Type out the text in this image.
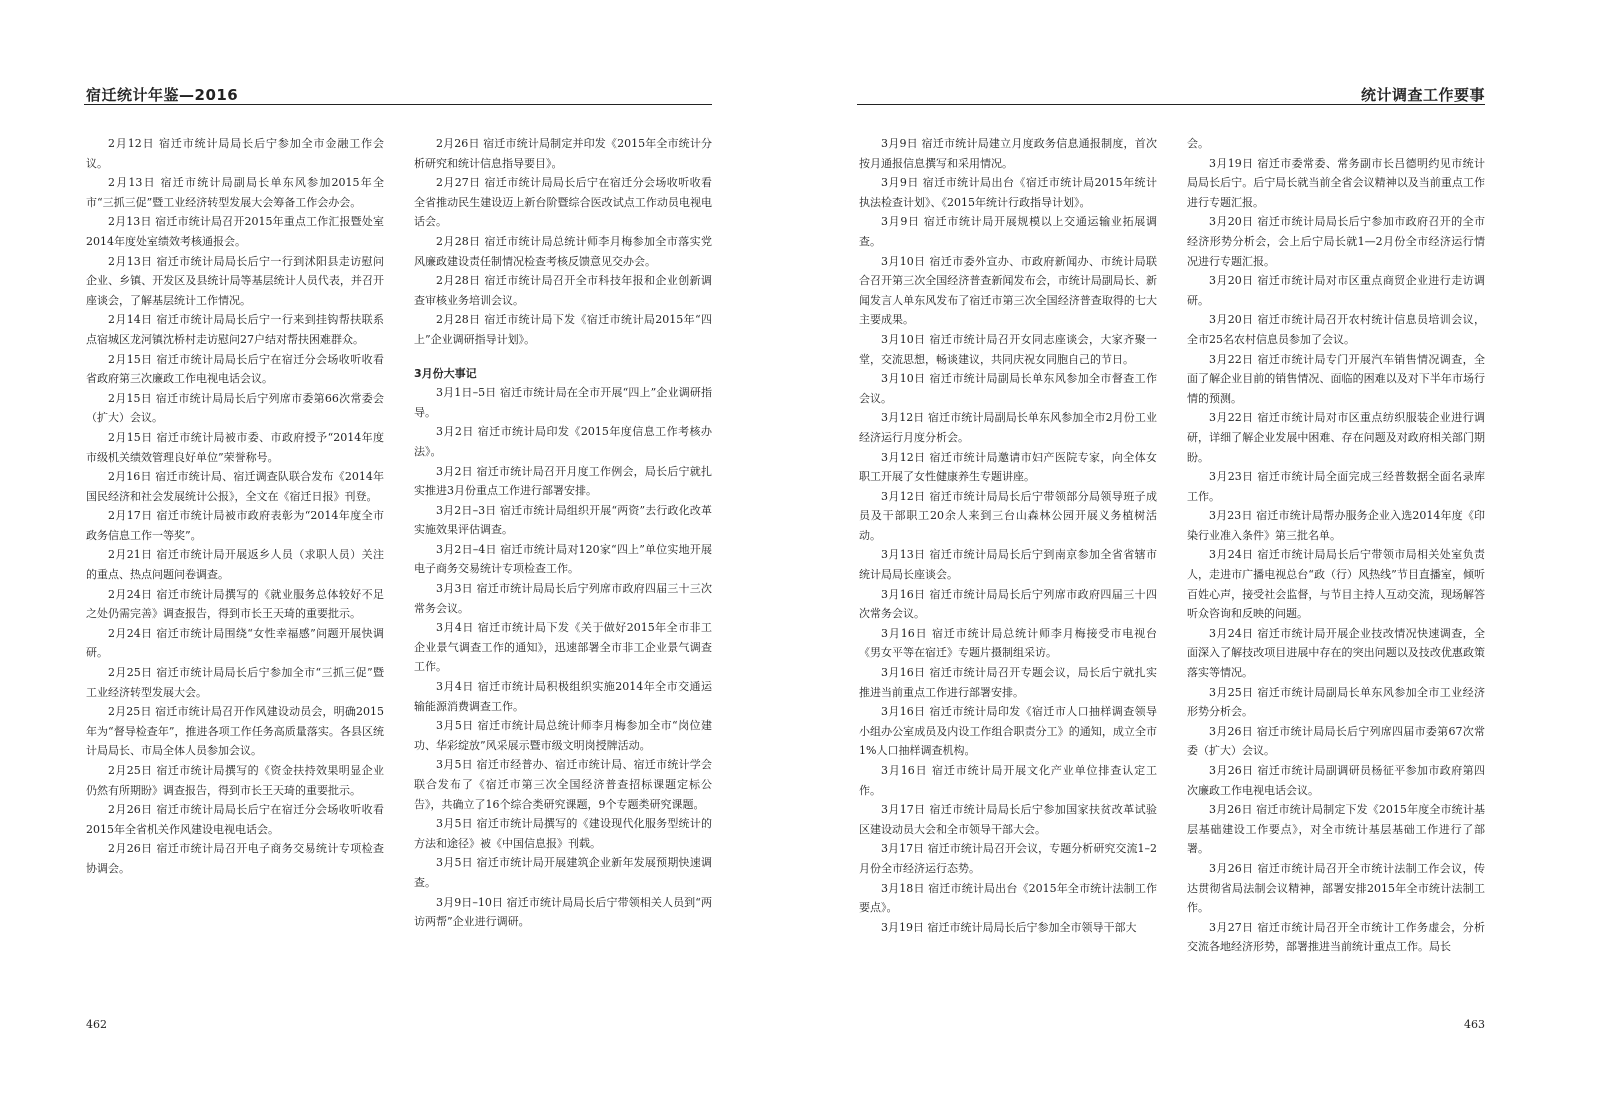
宿迁统计年鉴—2016

2月12日 宿迁市统计局局长后宁参加全市金融工作会议。

2月13日 宿迁市统计局副局长单东风参加2015年全市“三抓三促”暨工业经济转型发展大会筹备工作会办会。

2月13日 宿迁市统计局召开2015年重点工作汇报暨处室2014年度处室绩效考核通报会。

2月13日 宿迁市统计局局长后宁一行到沭阳县走访慰问企业、乡镇、开发区及县统计局等基层统计人员代表，并召开座谈会，了解基层统计工作情况。

2月14日 宿迁市统计局局长后宁一行来到挂钩帮扶联系点宿城区龙河镇沈桥村走访慰问27户结对帮扶困难群众。

2月15日 宿迁市统计局局长后宁在宿迁分会场收听收看省政府第三次廉政工作电视电话会议。

2月15日 宿迁市统计局局长后宁列席市委第66次常委会（扩大）会议。

2月15日 宿迁市统计局被市委、市政府授予“2014年度市级机关绩效管理良好单位”荣誉称号。

2月16日 宿迁市统计局、宿迁调查队联合发布《2014年国民经济和社会发展统计公报》，全文在《宿迁日报》刊登。

2月17日 宿迁市统计局被市政府表彰为“2014年度全市政务信息工作一等奖”。

2月21日 宿迁市统计局开展返乡人员（求职人员）关注的重点、热点问题问卷调查。

2月24日 宿迁市统计局撰写的《就业服务总体较好不足之处仍需完善》调查报告，得到市长王天琦的重要批示。

2月24日 宿迁市统计局围绕“女性幸福感”问题开展快调研。

2月25日 宿迁市统计局局长后宁参加全市“三抓三促”暨工业经济转型发展大会。

2月25日 宿迁市统计局召开作风建设动员会，明确2015年为“督导检查年”，推进各项工作任务高质量落实。各县区统计局局长、市局全体人员参加会议。

2月25日 宿迁市统计局撰写的《资金扶持效果明显企业仍然有所期盼》调查报告，得到市长王天琦的重要批示。

2月26日 宿迁市统计局局长后宁在宿迁分会场收听收看2015年全省机关作风建设电视电话会。

2月26日 宿迁市统计局召开电子商务交易统计专项检查协调会。

2月26日 宿迁市统计局制定并印发《2015年全市统计分析研究和统计信息指导要目》。

2月27日 宿迁市统计局局长后宁在宿迁分会场收听收看全省推动民生建设迈上新台阶暨综合医改试点工作动员电视电话会。

2月28日 宿迁市统计局总统计师李月梅参加全市落实党风廉政建设责任制情况检查考核反馈意见交办会。

2月28日 宿迁市统计局召开全市科技年报和企业创新调查审核业务培训会议。

2月28日 宿迁市统计局下发《宿迁市统计局2015年“四上”企业调研指导计划》。

3月份大事记

3月1日–5日 宿迁市统计局在全市开展“四上”企业调研指导。

3月2日 宿迁市统计局印发《2015年度信息工作考核办法》。

3月2日 宿迁市统计局召开月度工作例会，局长后宁就扎实推进3月份重点工作进行部署安排。

3月2日–3日 宿迁市统计局组织开展“两资”去行政化改革实施效果评估调查。

3月2日–4日 宿迁市统计局对120家“四上”单位实地开展电子商务交易统计专项检查工作。

3月3日 宿迁市统计局局长后宁列席市政府四届三十三次常务会议。

3月4日 宿迁市统计局下发《关于做好2015年全市非工企业景气调查工作的通知》，迅速部署全市非工企业景气调查工作。

3月4日 宿迁市统计局积极组织实施2014年全市交通运输能源消费调查工作。

3月5日 宿迁市统计局总统计师李月梅参加全市“岗位建功、华彩绽放”风采展示暨市级文明岗授牌活动。

3月5日 宿迁市经普办、宿迁市统计局、宿迁市统计学会联合发布了《宿迁市第三次全国经济普查招标课题定标公告》，共确立了16个综合类研究课题，9个专题类研究课题。

3月5日 宿迁市统计局撰写的《建设现代化服务型统计的方法和途径》被《中国信息报》刊载。

3月5日 宿迁市统计局开展建筑企业新年发展预期快速调查。

3月9日–10日 宿迁市统计局局长后宁带领相关人员到“两访两帮”企业进行调研。

462
统计调查工作要事

3月9日 宿迁市统计局建立月度政务信息通报制度，首次按月通报信息撰写和采用情况。

3月9日 宿迁市统计局出台《宿迁市统计局2015年统计执法检查计划》、《2015年统计行政指导计划》。

3月9日 宿迁市统计局开展规模以上交通运输业拓展调查。

3月10日 宿迁市委外宣办、市政府新闻办、市统计局联合召开第三次全国经济普查新闻发布会，市统计局副局长、新闻发言人单东风发布了宿迁市第三次全国经济普查取得的七大主要成果。

3月10日 宿迁市统计局召开女同志座谈会，大家齐聚一堂，交流思想，畅谈建议，共同庆祝女同胞自己的节日。

3月10日 宿迁市统计局副局长单东风参加全市督查工作会议。

3月12日 宿迁市统计局副局长单东风参加全市2月份工业经济运行月度分析会。

3月12日 宿迁市统计局邀请市妇产医院专家，向全体女职工开展了女性健康养生专题讲座。

3月12日 宿迁市统计局局长后宁带领部分局领导班子成员及干部职工20余人来到三台山森林公园开展义务植树活动。

3月13日 宿迁市统计局局长后宁到南京参加全省省辖市统计局局长座谈会。

3月16日 宿迁市统计局局长后宁列席市政府四届三十四次常务会议。

3月16日 宿迁市统计局总统计师李月梅接受市电视台《男女平等在宿迁》专题片摄制组采访。

3月16日 宿迁市统计局召开专题会议，局长后宁就扎实推进当前重点工作进行部署安排。

3月16日 宿迁市统计局印发《宿迁市人口抽样调查领导小组办公室成员及内设工作组合职责分工》的通知，成立全市1%人口抽样调查机构。

3月16日 宿迁市统计局开展文化产业单位排查认定工作。

3月17日 宿迁市统计局局长后宁参加国家扶贫改革试验区建设动员大会和全市领导干部大会。

3月17日 宿迁市统计局召开会议，专题分析研究交流1–2月份全市经济运行态势。

3月18日 宿迁市统计局出台《2015年全市统计法制工作要点》。

3月19日 宿迁市统计局局长后宁参加全市领导干部大

会。

3月19日 宿迁市委常委、常务副市长吕德明约见市统计局局长后宁。后宁局长就当前全省会议精神以及当前重点工作进行专题汇报。

3月20日 宿迁市统计局局长后宁参加市政府召开的全市经济形势分析会，会上后宁局长就1—2月份全市经济运行情况进行专题汇报。

3月20日 宿迁市统计局对市区重点商贸企业进行走访调研。

3月20日 宿迁市统计局召开农村统计信息员培训会议，全市25名农村信息员参加了会议。

3月22日 宿迁市统计局专门开展汽车销售情况调查，全面了解企业目前的销售情况、面临的困难以及对下半年市场行情的预测。

3月22日 宿迁市统计局对市区重点纺织服装企业进行调研，详细了解企业发展中困难、存在问题及对政府相关部门期盼。

3月23日 宿迁市统计局全面完成三经普数据全面名录库工作。

3月23日 宿迁市统计局帮办服务企业入选2014年度《印染行业准入条件》第三批名单。

3月24日 宿迁市统计局局长后宁带领市局相关处室负责人，走进市广播电视总台“政（行）风热线”节目直播室，倾听百姓心声，接受社会监督，与节目主持人互动交流，现场解答听众咨询和反映的问题。

3月24日 宿迁市统计局开展企业技改情况快速调查，全面深入了解技改项目进展中存在的突出问题以及技改优惠政策落实等情况。

3月25日 宿迁市统计局副局长单东风参加全市工业经济形势分析会。

3月26日 宿迁市统计局局长后宁列席四届市委第67次常委（扩大）会议。

3月26日 宿迁市统计局副调研员杨征平参加市政府第四次廉政工作电视电话会议。

3月26日 宿迁市统计局制定下发《2015年度全市统计基层基础建设工作要点》，对全市统计基层基础工作进行了部署。

3月26日 宿迁市统计局召开全市统计法制工作会议，传达贯彻省局法制会议精神，部署安排2015年全市统计法制工作。

3月27日 宿迁市统计局召开全市统计工作务虚会，分析交流各地经济形势，部署推进当前统计重点工作。局长

463
